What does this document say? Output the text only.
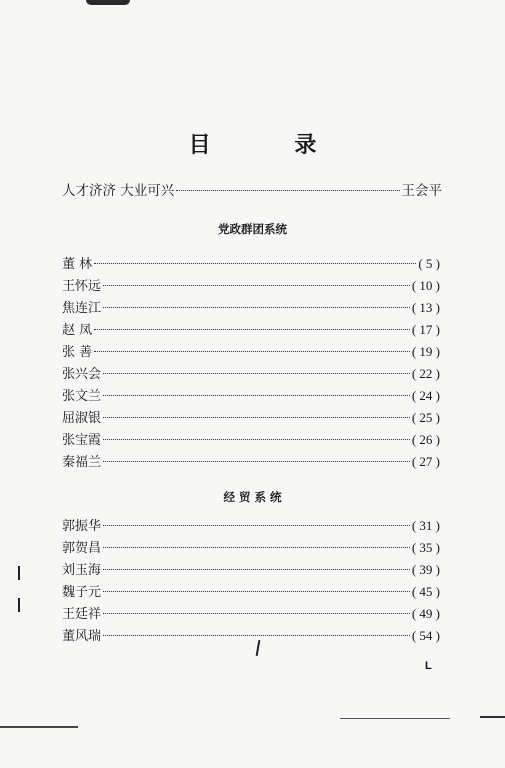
目 录
人才济济 大业可兴	王会平
党政群团系统
董 林	( 5 )
王怀远	( 10 )
焦连江	( 13 )
赵 凤	( 17 )
张 善	( 19 )
张兴会	( 22 )
张文兰	( 24 )
屈淑银	( 25 )
张宝霞	( 26 )
秦福兰	( 27 )
经 贸 系 统
郭振华	( 31 )
郭贺昌	( 35 )
刘玉海	( 39 )
魏子元	( 45 )
王廷祥	( 49 )
董风瑞	( 54 )
L
